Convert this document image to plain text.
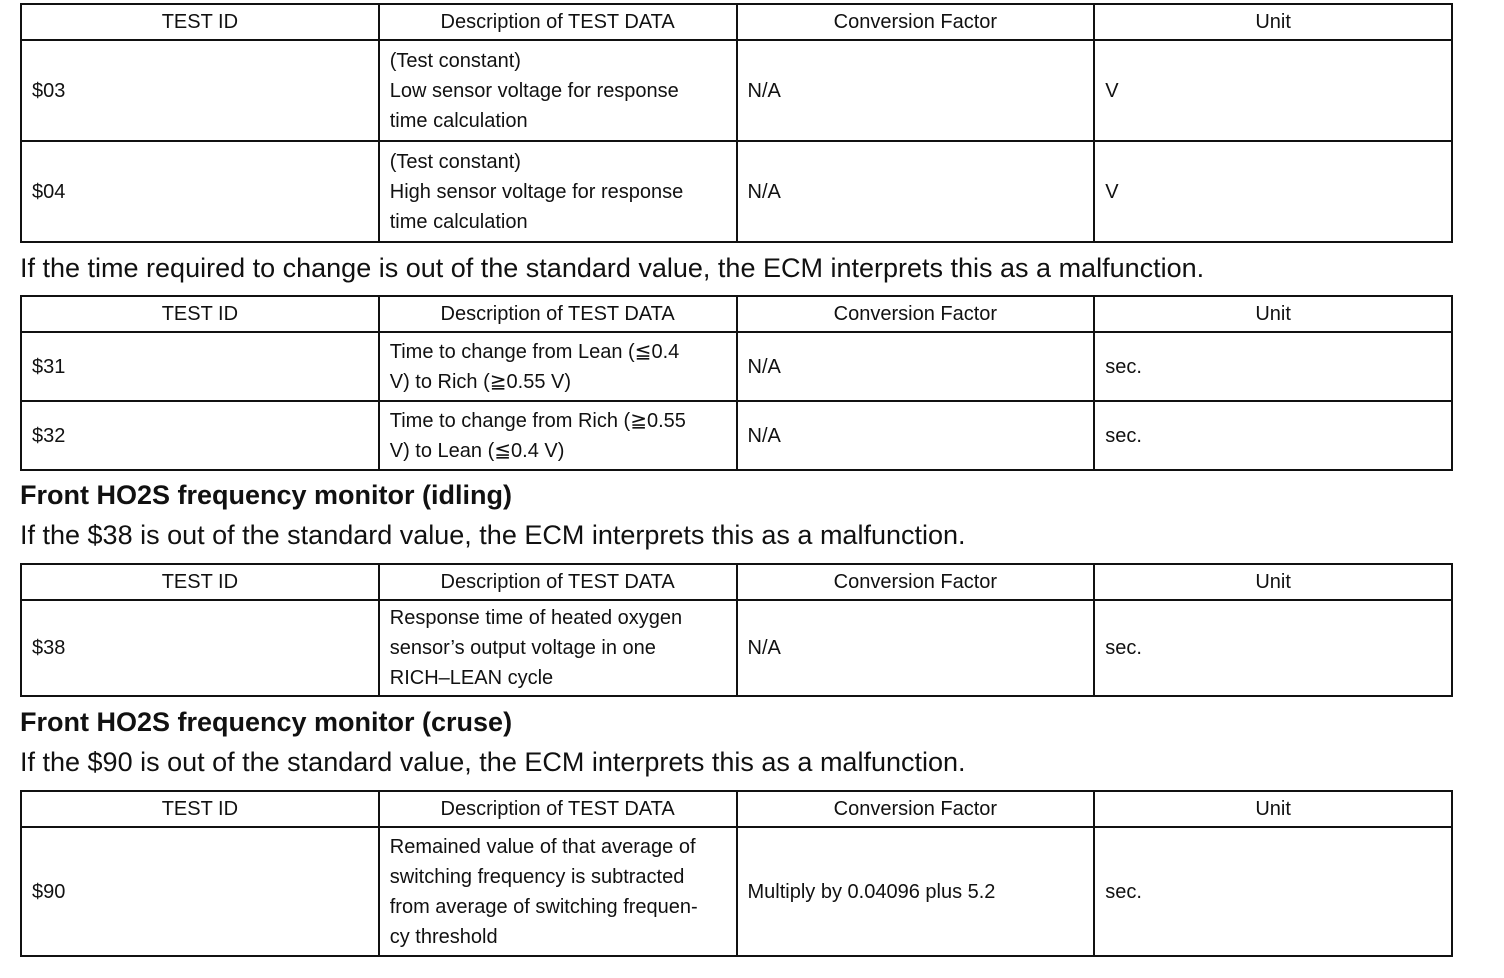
TEST ID	Description of TEST DATA	Conversion Factor	Unit
$03	(Test constant)
Low sensor voltage for response
time calculation	N/A	V
$04	(Test constant)
High sensor voltage for response
time calculation	N/A	V

If the time required to change is out of the standard value, the ECM interprets this as a malfunction.

TEST ID	Description of TEST DATA	Conversion Factor	Unit
$31	Time to change from Lean (≦0.4
V) to Rich (≧0.55 V)	N/A	sec.
$32	Time to change from Rich (≧0.55
V) to Lean (≦0.4 V)	N/A	sec.
Front HO2S frequency monitor (idling)

If the $38 is out of the standard value, the ECM interprets this as a malfunction.

TEST ID	Description of TEST DATA	Conversion Factor	Unit
$38	Response time of heated oxygen
sensor’s output voltage in one
RICH–LEAN cycle	N/A	sec.
Front HO2S frequency monitor (cruse)

If the $90 is out of the standard value, the ECM interprets this as a malfunction.

TEST ID	Description of TEST DATA	Conversion Factor	Unit
$90	Remained value of that average of
switching frequency is subtracted
from average of switching frequen-
cy threshold	Multiply by 0.04096 plus 5.2	sec.
